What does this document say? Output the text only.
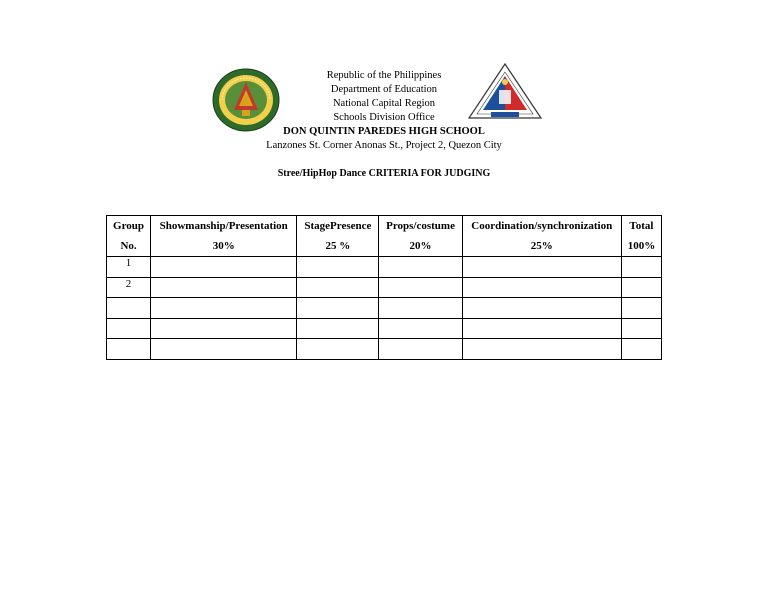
Republic of the Philippines
Department of Education
National Capital Region
Schools Division Office
DON QUINTIN PAREDES HIGH SCHOOL
Lanzones St. Corner Anonas St., Project 2, Quezon City
Stree/HipHop Dance CRITERIA FOR JUDGING
Group	Showmanship/Presentation	StagePresence	Props/costume	Coordination/synchronization	Total
No.	30%	25 %	20%	25%	100%
1					
2					
